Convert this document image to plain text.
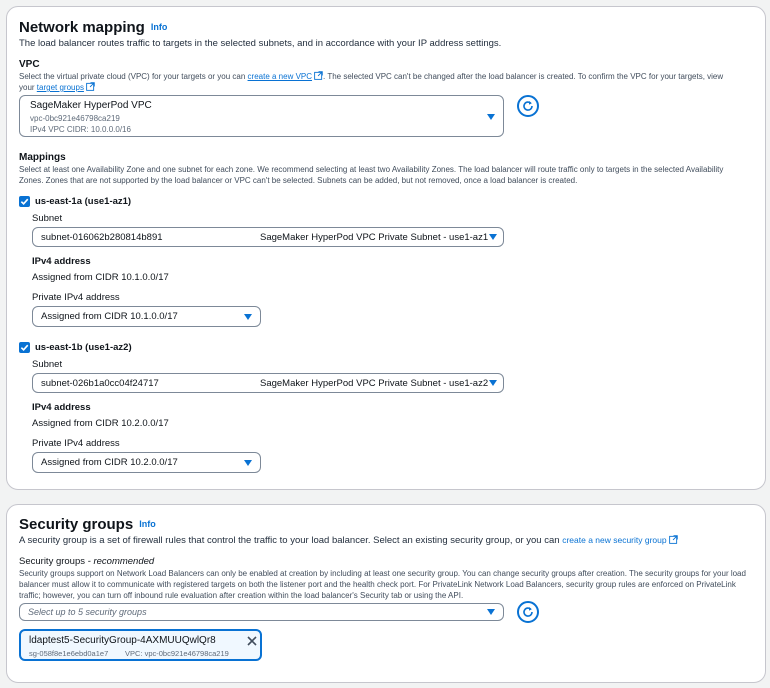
Network mapping Info
The load balancer routes traffic to targets in the selected subnets, and in accordance with your IP address settings.
VPC
Select the virtual private cloud (VPC) for your targets or you can create a new VPC . The selected VPC can't be changed after the load balancer is created. To confirm the VPC for your targets, view your target groups
SageMaker HyperPod VPC
vpc-0bc921e46798ca219
IPv4 VPC CIDR: 10.0.0.0/16
Mappings
Select at least one Availability Zone and one subnet for each zone. We recommend selecting at least two Availability Zones. The load balancer will route traffic only to targets in the selected Availability Zones. Zones that are not supported by the load balancer or VPC can't be selected. Subnets can be added, but not removed, once a load balancer is created.
us-east-1a (use1-az1)
Subnet
subnet-016062b280814b891	SageMaker HyperPod VPC Private Subnet - use1-az1
IPv4 address
Assigned from CIDR 10.1.0.0/17
Private IPv4 address
Assigned from CIDR 10.1.0.0/17
us-east-1b (use1-az2)
Subnet
subnet-026b1a0cc04f24717	SageMaker HyperPod VPC Private Subnet - use1-az2
IPv4 address
Assigned from CIDR 10.2.0.0/17
Private IPv4 address
Assigned from CIDR 10.2.0.0/17
Security groups Info
A security group is a set of firewall rules that control the traffic to your load balancer. Select an existing security group, or you can create a new security group
Security groups - recommended
Security groups support on Network Load Balancers can only be enabled at creation by including at least one security group. You can change security groups after creation. The security groups for your load balancer must allow it to communicate with registered targets on both the listener port and the health check port. For PrivateLink Network Load Balancers, security group rules are enforced on PrivateLink traffic; however, you can turn off inbound rule evaluation after creation within the load balancer's Security tab or using the API.
Select up to 5 security groups
ldaptest5-SecurityGroup-4AXMUUQwlQr8
sg-058f8e1e6ebd0a1e7 VPC: vpc-0bc921e46798ca219
